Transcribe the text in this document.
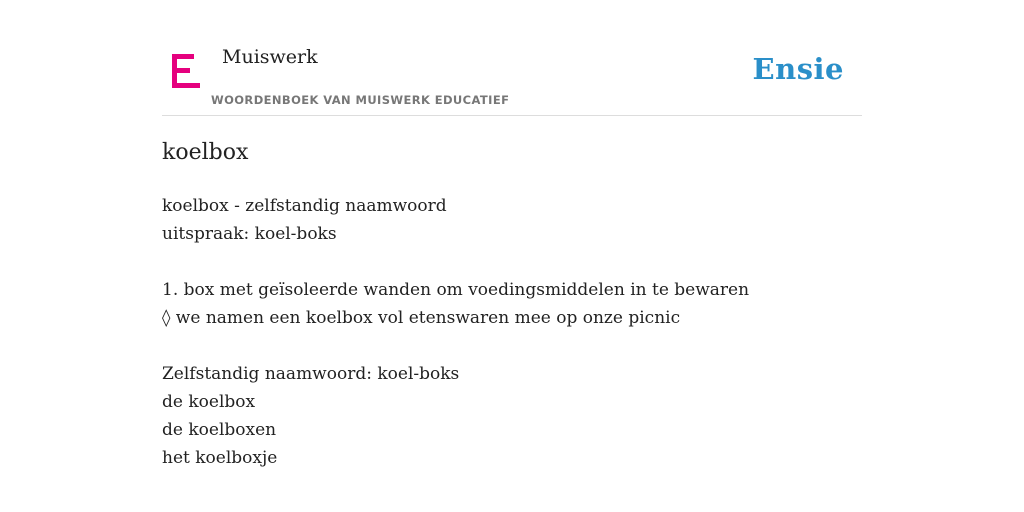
Muiswerk
WOORDENBOEK VAN MUISWERK EDUCATIEF
Ensie
koelbox
koelbox - zelfstandig naamwoord
uitspraak: koel-boks
1. box met geïsoleerde wanden om voedingsmiddelen in te bewaren
◊ we namen een koelbox vol etenswaren mee op onze picnic
Zelfstandig naamwoord: koel-boks
de koelbox
de koelboxen
het koelboxje
